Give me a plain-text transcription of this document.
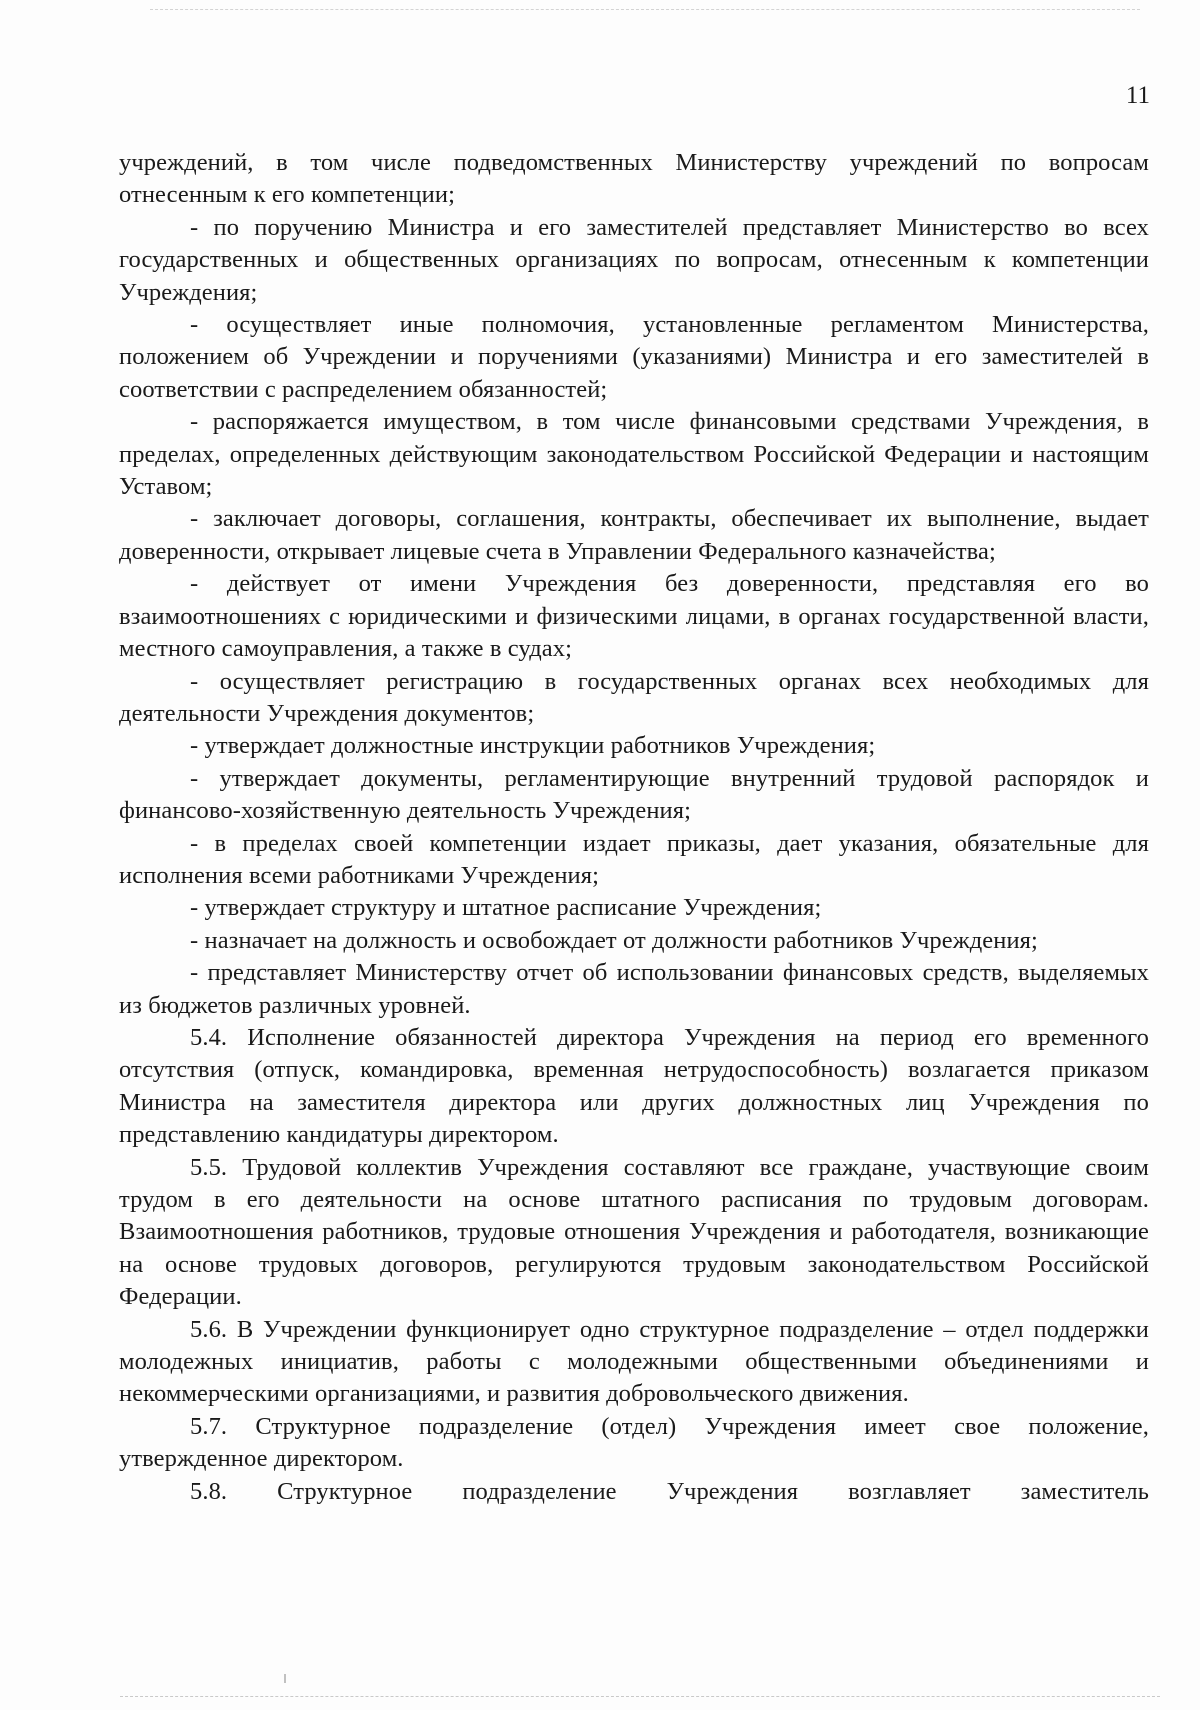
11

учреждений, в том числе подведомственных Министерству учреждений по вопросам отнесенным к его компетенции;

- по поручению Министра и его заместителей представляет Министерство во всех государственных и общественных организациях по вопросам, отнесенным к компетенции Учреждения;

- осуществляет иные полномочия, установленные регламентом Министерства, положением об Учреждении и поручениями (указаниями) Министра и его заместителей в соответствии с распределением обязанностей;

- распоряжается имуществом, в том числе финансовыми средствами Учреждения, в пределах, определенных действующим законодательством Российской Федерации и настоящим Уставом;

- заключает договоры, соглашения, контракты, обеспечивает их выполнение, выдает доверенности, открывает лицевые счета в Управлении Федерального казначейства;

- действует от имени Учреждения без доверенности, представляя его во взаимоотношениях с юридическими и физическими лицами, в органах государственной власти, местного самоуправления, а также в судах;

- осуществляет регистрацию в государственных органах всех необходимых для деятельности Учреждения документов;

- утверждает должностные инструкции работников Учреждения;

- утверждает документы, регламентирующие внутренний трудовой распорядок и финансово-хозяйственную деятельность Учреждения;

- в пределах своей компетенции издает приказы, дает указания, обязательные для исполнения всеми работниками Учреждения;

- утверждает структуру и штатное расписание Учреждения;

- назначает на должность и освобождает от должности работников Учреждения;

- представляет Министерству отчет об использовании финансовых средств, выделяемых из бюджетов различных уровней.

5.4. Исполнение обязанностей директора Учреждения на период его временного отсутствия (отпуск, командировка, временная нетрудоспособность) возлагается приказом Министра на заместителя директора или других должностных лиц Учреждения по представлению кандидатуры директором.

5.5. Трудовой коллектив Учреждения составляют все граждане, участвующие своим трудом в его деятельности на основе штатного расписания по трудовым договорам. Взаимоотношения работников, трудовые отношения Учреждения и работодателя, возникающие на основе трудовых договоров, регулируются трудовым законодательством Российской Федерации.

5.6. В Учреждении функционирует одно структурное подразделение – отдел поддержки молодежных инициатив, работы с молодежными общественными объединениями и некоммерческими организациями, и развития добровольческого движения.

5.7. Структурное подразделение (отдел) Учреждения имеет свое положение, утвержденное директором.

5.8. Структурное подразделение Учреждения возглавляет заместитель
